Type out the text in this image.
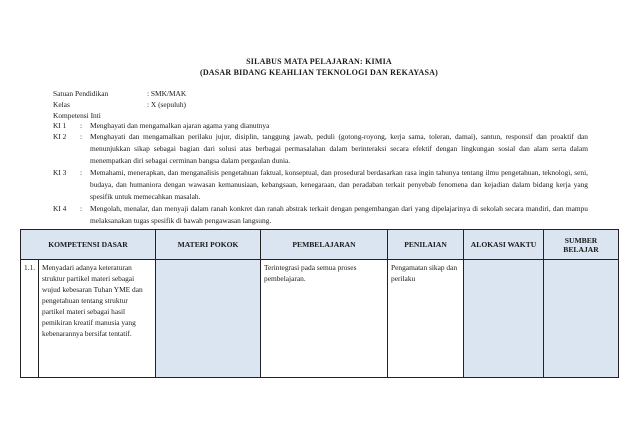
SILABUS MATA PELAJARAN: KIMIA
(DASAR BIDANG KEAHLIAN TEKNOLOGI DAN REKAYASA)
Satuan Pendidikan	: SMK/MAK
Kelas	: X (sepuluh)
Kompetensi Inti
KI 1 : Menghayati dan mengamalkan ajaran agama yang dianutnya
KI 2 : Menghayati dan mengamalkan perilaku jujur, disiplin, tanggung jawab, peduli (gotong-royong, kerja sama, toleran, damai), santun, responsif dan proaktif dan menunjukkan sikap sebagai bagian dari solusi atas berbagai permasalahan dalam berinteraksi secara efektif dengan lingkungan sosial dan alam serta dalam menempatkan diri sebagai cerminan bangsa dalam pergaulan dunia.
KI 3 : Memahami, menerapkan, dan menganalisis pengetahuan faktual, konseptual, dan prosedural berdasarkan rasa ingin tahunya tentang ilmu pengetahuan, teknologi, seni, budaya, dan humaniora dengan wawasan kemanusiaan, kebangsaan, kenegaraan, dan peradaban terkait penyebab fenomena dan kejadian dalam bidang kerja yang spesifik untuk memecahkan masalah.
KI 4 : Mengolah, menalar, dan menyaji dalam ranah konkret dan ranah abstrak terkait dengan pengembangan dari yang dipelajarinya di sekolah secara mandiri, dan mampu melaksanakan tugas spesifik di bawah pengawasan langsung.
KOMPETENSI DASAR		MATERI POKOK	PEMBELAJARAN	PENILAIAN	ALOKASI WAKTU	SUMBER BELAJAR
1.1.	Menyadari adanya keteraturan struktur partikel materi sebagai wujud kebesaran Tuhan YME dan pengetahuan tentang struktur partikel materi sebagai hasil pemikiran kreatif manusia yang kebenarannya bersifat tentatif.		Terintegrasi pada semua proses pembelajaran.	Pengamatan sikap dan perilaku		
